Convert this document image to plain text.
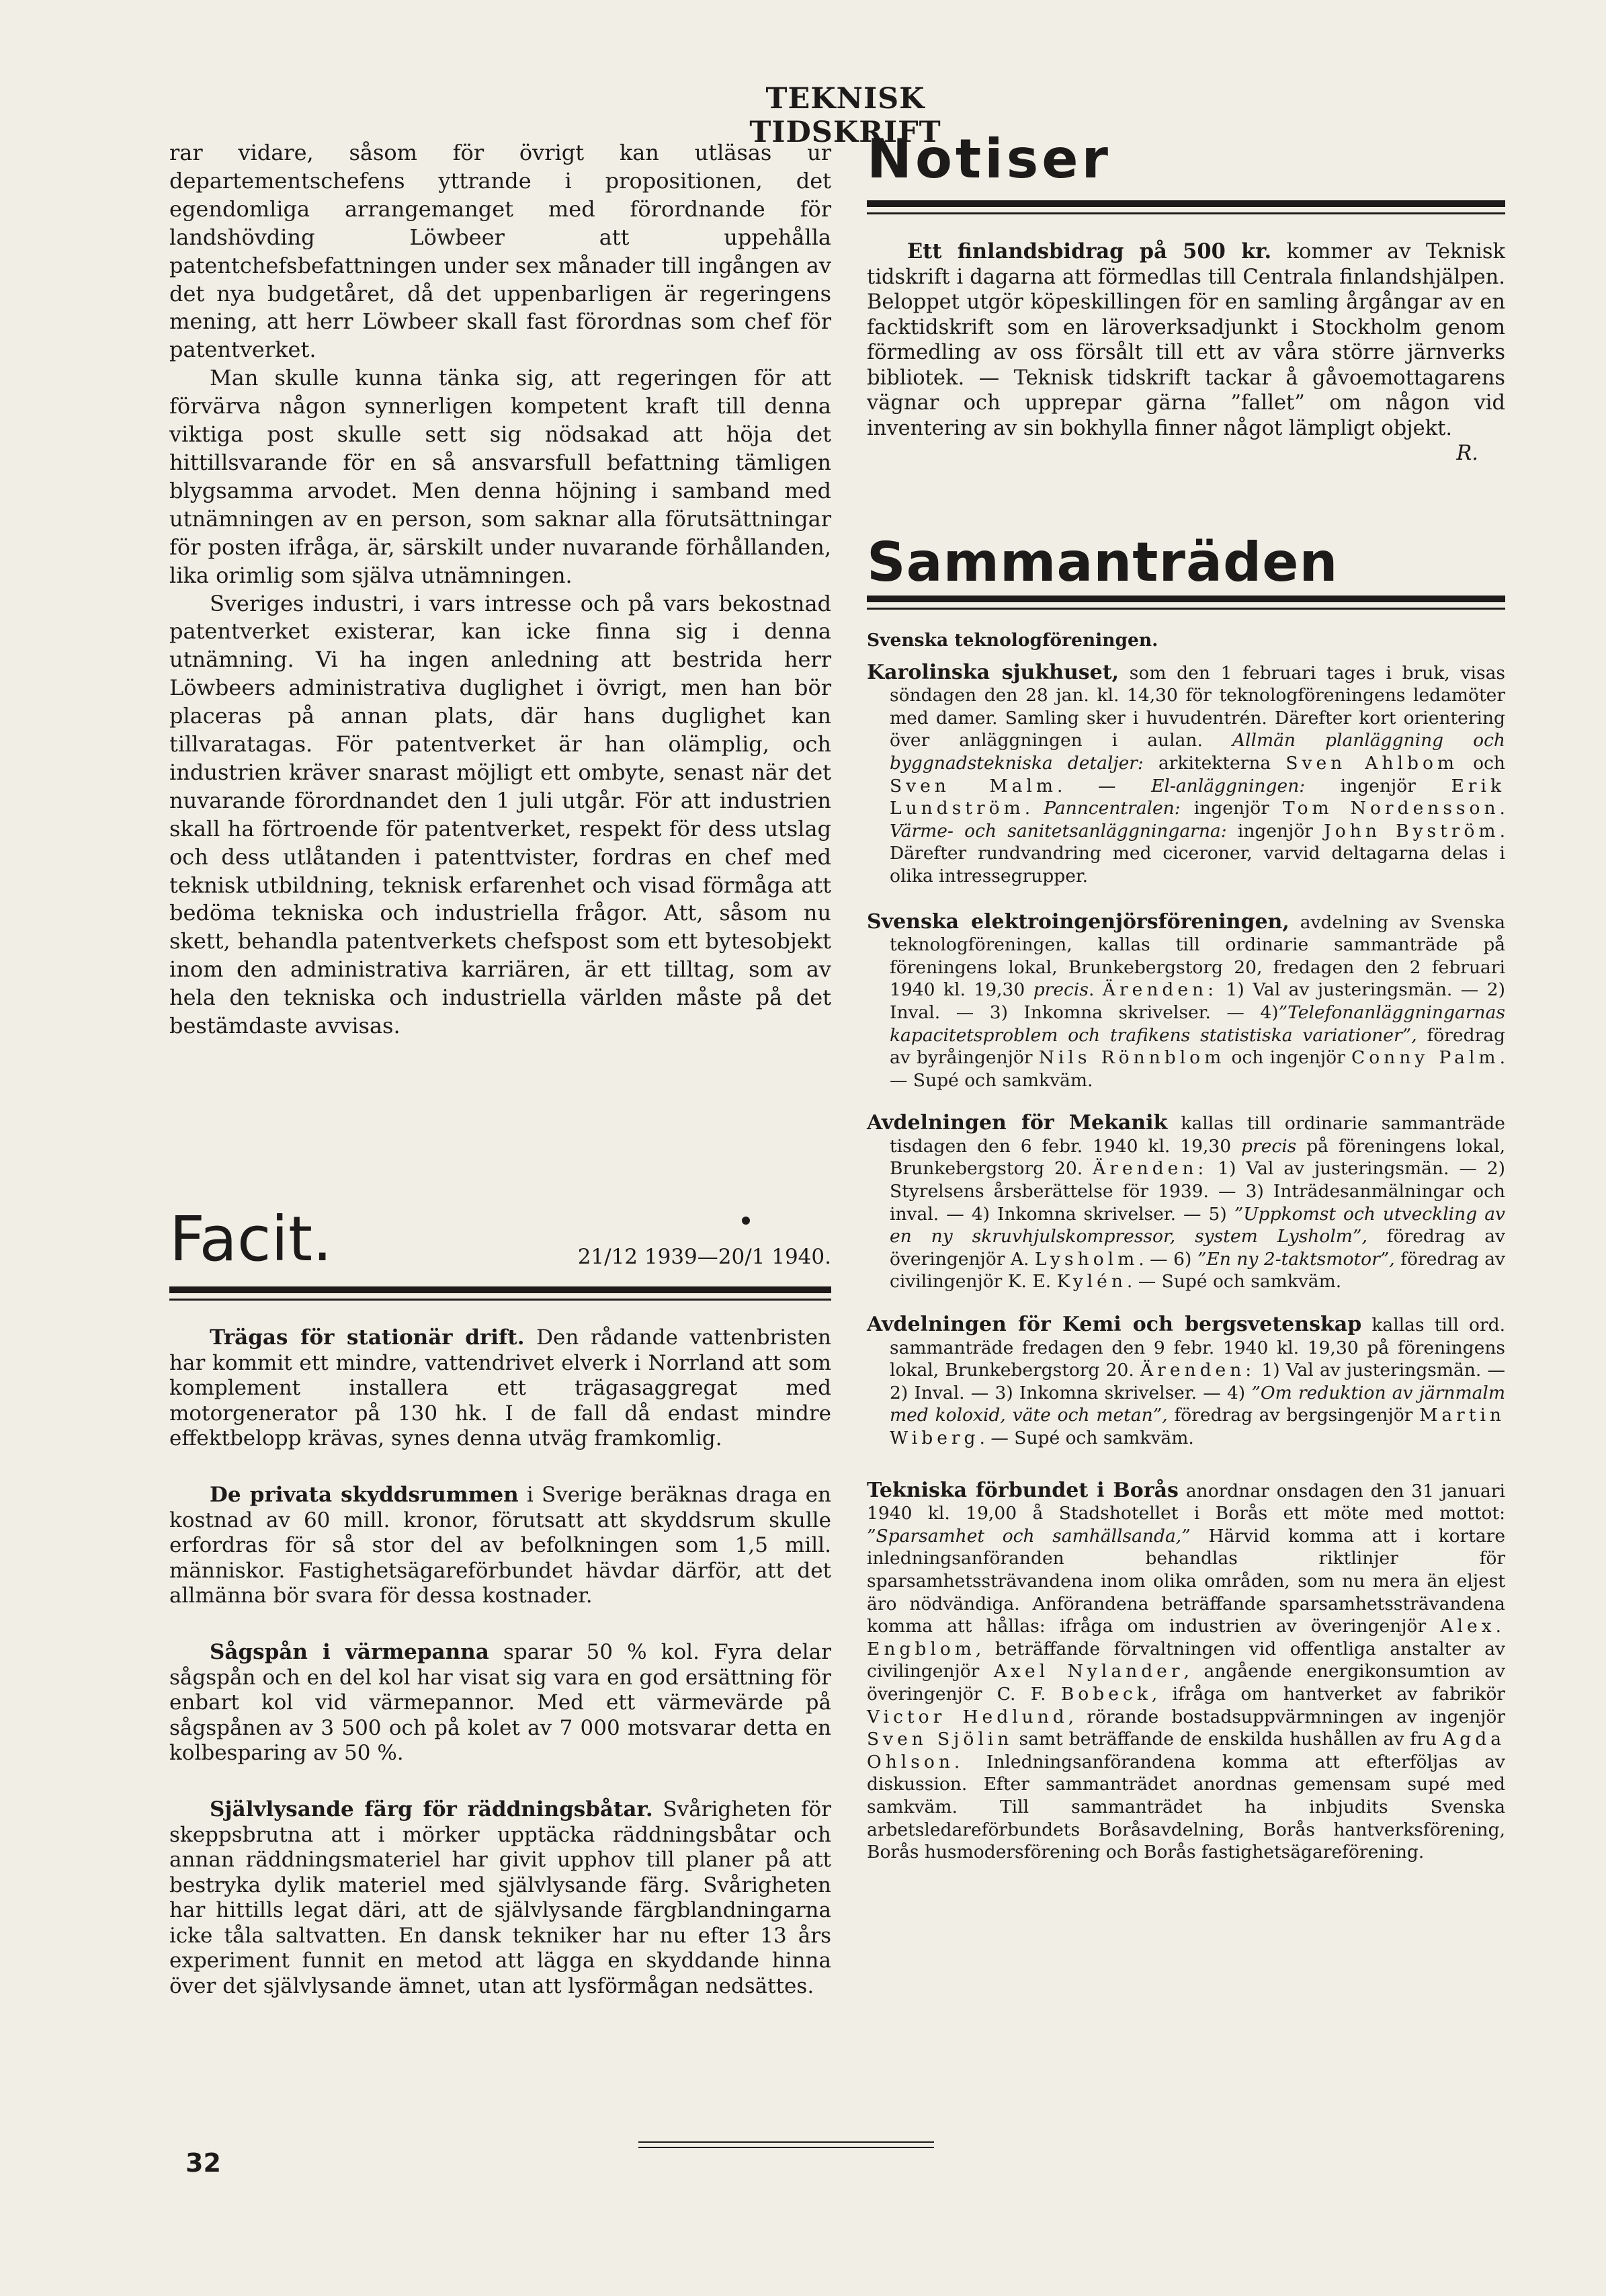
TEKNISK TIDSKRIFT

rar vidare, såsom för övrigt kan utläsas ur departementschefens yttrande i propositionen, det egendomliga arrangemanget med förordnande för landshövding Löwbeer att uppehålla patentchefsbefattningen under sex månader till ingången av det nya budgetåret, då det uppenbarligen är regeringens mening, att herr Löwbeer skall fast förordnas som chef för patentverket.

Man skulle kunna tänka sig, att regeringen för att förvärva någon synnerligen kompetent kraft till denna viktiga post skulle sett sig nödsakad att höja det hittillsvarande för en så ansvarsfull befattning tämligen blygsamma arvodet. Men denna höjning i samband med utnämningen av en person, som saknar alla förutsättningar för posten ifråga, är, särskilt under nuvarande förhållanden, lika orimlig som själva utnämningen.

Sveriges industri, i vars intresse och på vars bekostnad patentverket existerar, kan icke finna sig i denna utnämning. Vi ha ingen anledning att bestrida herr Löwbeers administrativa duglighet i övrigt, men han bör placeras på annan plats, där hans duglighet kan tillvaratagas. För patentverket är han olämplig, och industrien kräver snarast möjligt ett ombyte, senast när det nuvarande förordnandet den 1 juli utgår. För att industrien skall ha förtroende för patentverket, respekt för dess utslag och dess utlåtanden i patenttvister, fordras en chef med teknisk utbildning, teknisk erfarenhet och visad förmåga att bedöma tekniska och industriella frågor. Att, såsom nu skett, behandla patentverkets chefspost som ett bytesobjekt inom den administrativa karriären, är ett tilltag, som av hela den tekniska och industriella världen måste på det bestämdaste avvisas.

Facit.	21/12 1939—20/1 1940.

Trägas för stationär drift. Den rådande vattenbristen har kommit ett mindre, vattendrivet elverk i Norrland att som komplement installera ett trägasaggregat med motorgenerator på 130 hk. I de fall då endast mindre effektbelopp krävas, synes denna utväg framkomlig.

De privata skyddsrummen i Sverige beräknas draga en kostnad av 60 mill. kronor, förutsatt att skyddsrum skulle erfordras för så stor del av befolkningen som 1,5 mill. människor. Fastighetsägareförbundet hävdar därför, att det allmänna bör svara för dessa kostnader.

Sågspån i värmepanna sparar 50 % kol. Fyra delar sågspån och en del kol har visat sig vara en god ersättning för enbart kol vid värmepannor. Med ett värmevärde på sågspånen av 3 500 och på kolet av 7 000 motsvarar detta en kolbesparing av 50 %.

Självlysande färg för räddningsbåtar. Svårigheten för skeppsbrutna att i mörker upptäcka räddningsbåtar och annan räddningsmateriel har givit upphov till planer på att bestryka dylik materiel med självlysande färg. Svårigheten har hittills legat däri, att de självlysande färgblandningarna icke tåla saltvatten. En dansk tekniker har nu efter 13 års experiment funnit en metod att lägga en skyddande hinna över det självlysande ämnet, utan att lysförmågan nedsättes.

Notiser

Ett finlandsbidrag på 500 kr. kommer av Teknisk tidskrift i dagarna att förmedlas till Centrala finlandshjälpen. Beloppet utgör köpeskillingen för en samling årgångar av en facktidskrift som en läroverksadjunkt i Stockholm genom förmedling av oss försålt till ett av våra större järnverks bibliotek. — Teknisk tidskrift tackar å gåvoemottagarens vägnar och upprepar gärna ”fallet” om någon vid inventering av sin bokhylla finner något lämpligt objekt.
R.

Sammanträden

Svenska teknologföreningen.

Karolinska sjukhuset, som den 1 februari tages i bruk, visas söndagen den 28 jan. kl. 14,30 för teknologföreningens ledamöter med damer. Samling sker i huvudentrén. Därefter kort orientering över anläggningen i aulan. Allmän planläggning och byggnadstekniska detaljer: arkitekterna Sven Ahlbom och Sven Malm. — El-anläggningen: ingenjör Erik Lundström. Panncentralen: ingenjör Tom Nordensson. Värme- och sanitetsanläggningarna: ingenjör John Byström. Därefter rundvandring med ciceroner, varvid deltagarna delas i olika intressegrupper.

Svenska elektroingenjörsföreningen, avdelning av Svenska teknologföreningen, kallas till ordinarie sammanträde på föreningens lokal, Brunkebergstorg 20, fredagen den 2 februari 1940 kl. 19,30 precis. Ärenden: 1) Val av justeringsmän. — 2) Inval. — 3) Inkomna skrivelser. — 4)”Telefonanläggningarnas kapacitetsproblem och trafikens statistiska variationer”, föredrag av byråingenjör Nils Rönnblom och ingenjör Conny Palm. — Supé och samkväm.

Avdelningen för Mekanik kallas till ordinarie sammanträde tisdagen den 6 febr. 1940 kl. 19,30 precis på föreningens lokal, Brunkebergstorg 20. Ärenden: 1) Val av justeringsmän. — 2) Styrelsens årsberättelse för 1939. — 3) Inträdesanmälningar och inval. — 4) Inkomna skrivelser. — 5) ”Uppkomst och utveckling av en ny skruvhjulskompressor, system Lysholm”, föredrag av överingenjör A. Lysholm. — 6) ”En ny 2-taktsmotor”, föredrag av civilingenjör K. E. Kylén. — Supé och samkväm.

Avdelningen för Kemi och bergsvetenskap kallas till ord. sammanträde fredagen den 9 febr. 1940 kl. 19,30 på föreningens lokal, Brunkebergstorg 20. Ärenden: 1) Val av justeringsmän. — 2) Inval. — 3) Inkomna skrivelser. — 4) ”Om reduktion av järnmalm med koloxid, väte och metan”, föredrag av bergsingenjör Martin Wiberg. — Supé och samkväm.

Tekniska förbundet i Borås anordnar onsdagen den 31 januari 1940 kl. 19,00 å Stadshotellet i Borås ett möte med mottot: ”Sparsamhet och samhällsanda,” Härvid komma att i kortare inledningsanföranden behandlas riktlinjer för sparsamhetssträvandena inom olika områden, som nu mera än eljest äro nödvändiga. Anförandena beträffande sparsamhetssträvandena komma att hållas: ifråga om industrien av överingenjör Alex. Engblom, beträffande förvaltningen vid offentliga anstalter av civilingenjör Axel Nylander, angående energikonsumtion av överingenjör C. F. Bobeck, ifråga om hantverket av fabrikör Victor Hedlund, rörande bostadsuppvärmningen av ingenjör Sven Sjölin samt beträffande de enskilda hushållen av fru Agda Ohlson. Inledningsanförandena komma att efterföljas av diskussion. Efter sammanträdet anordnas gemensam supé med samkväm. Till sammanträdet ha inbjudits Svenska arbetsledareförbundets Boråsavdelning, Borås hantverksförening, Borås husmodersförening och Borås fastighetsägareförening.

32
